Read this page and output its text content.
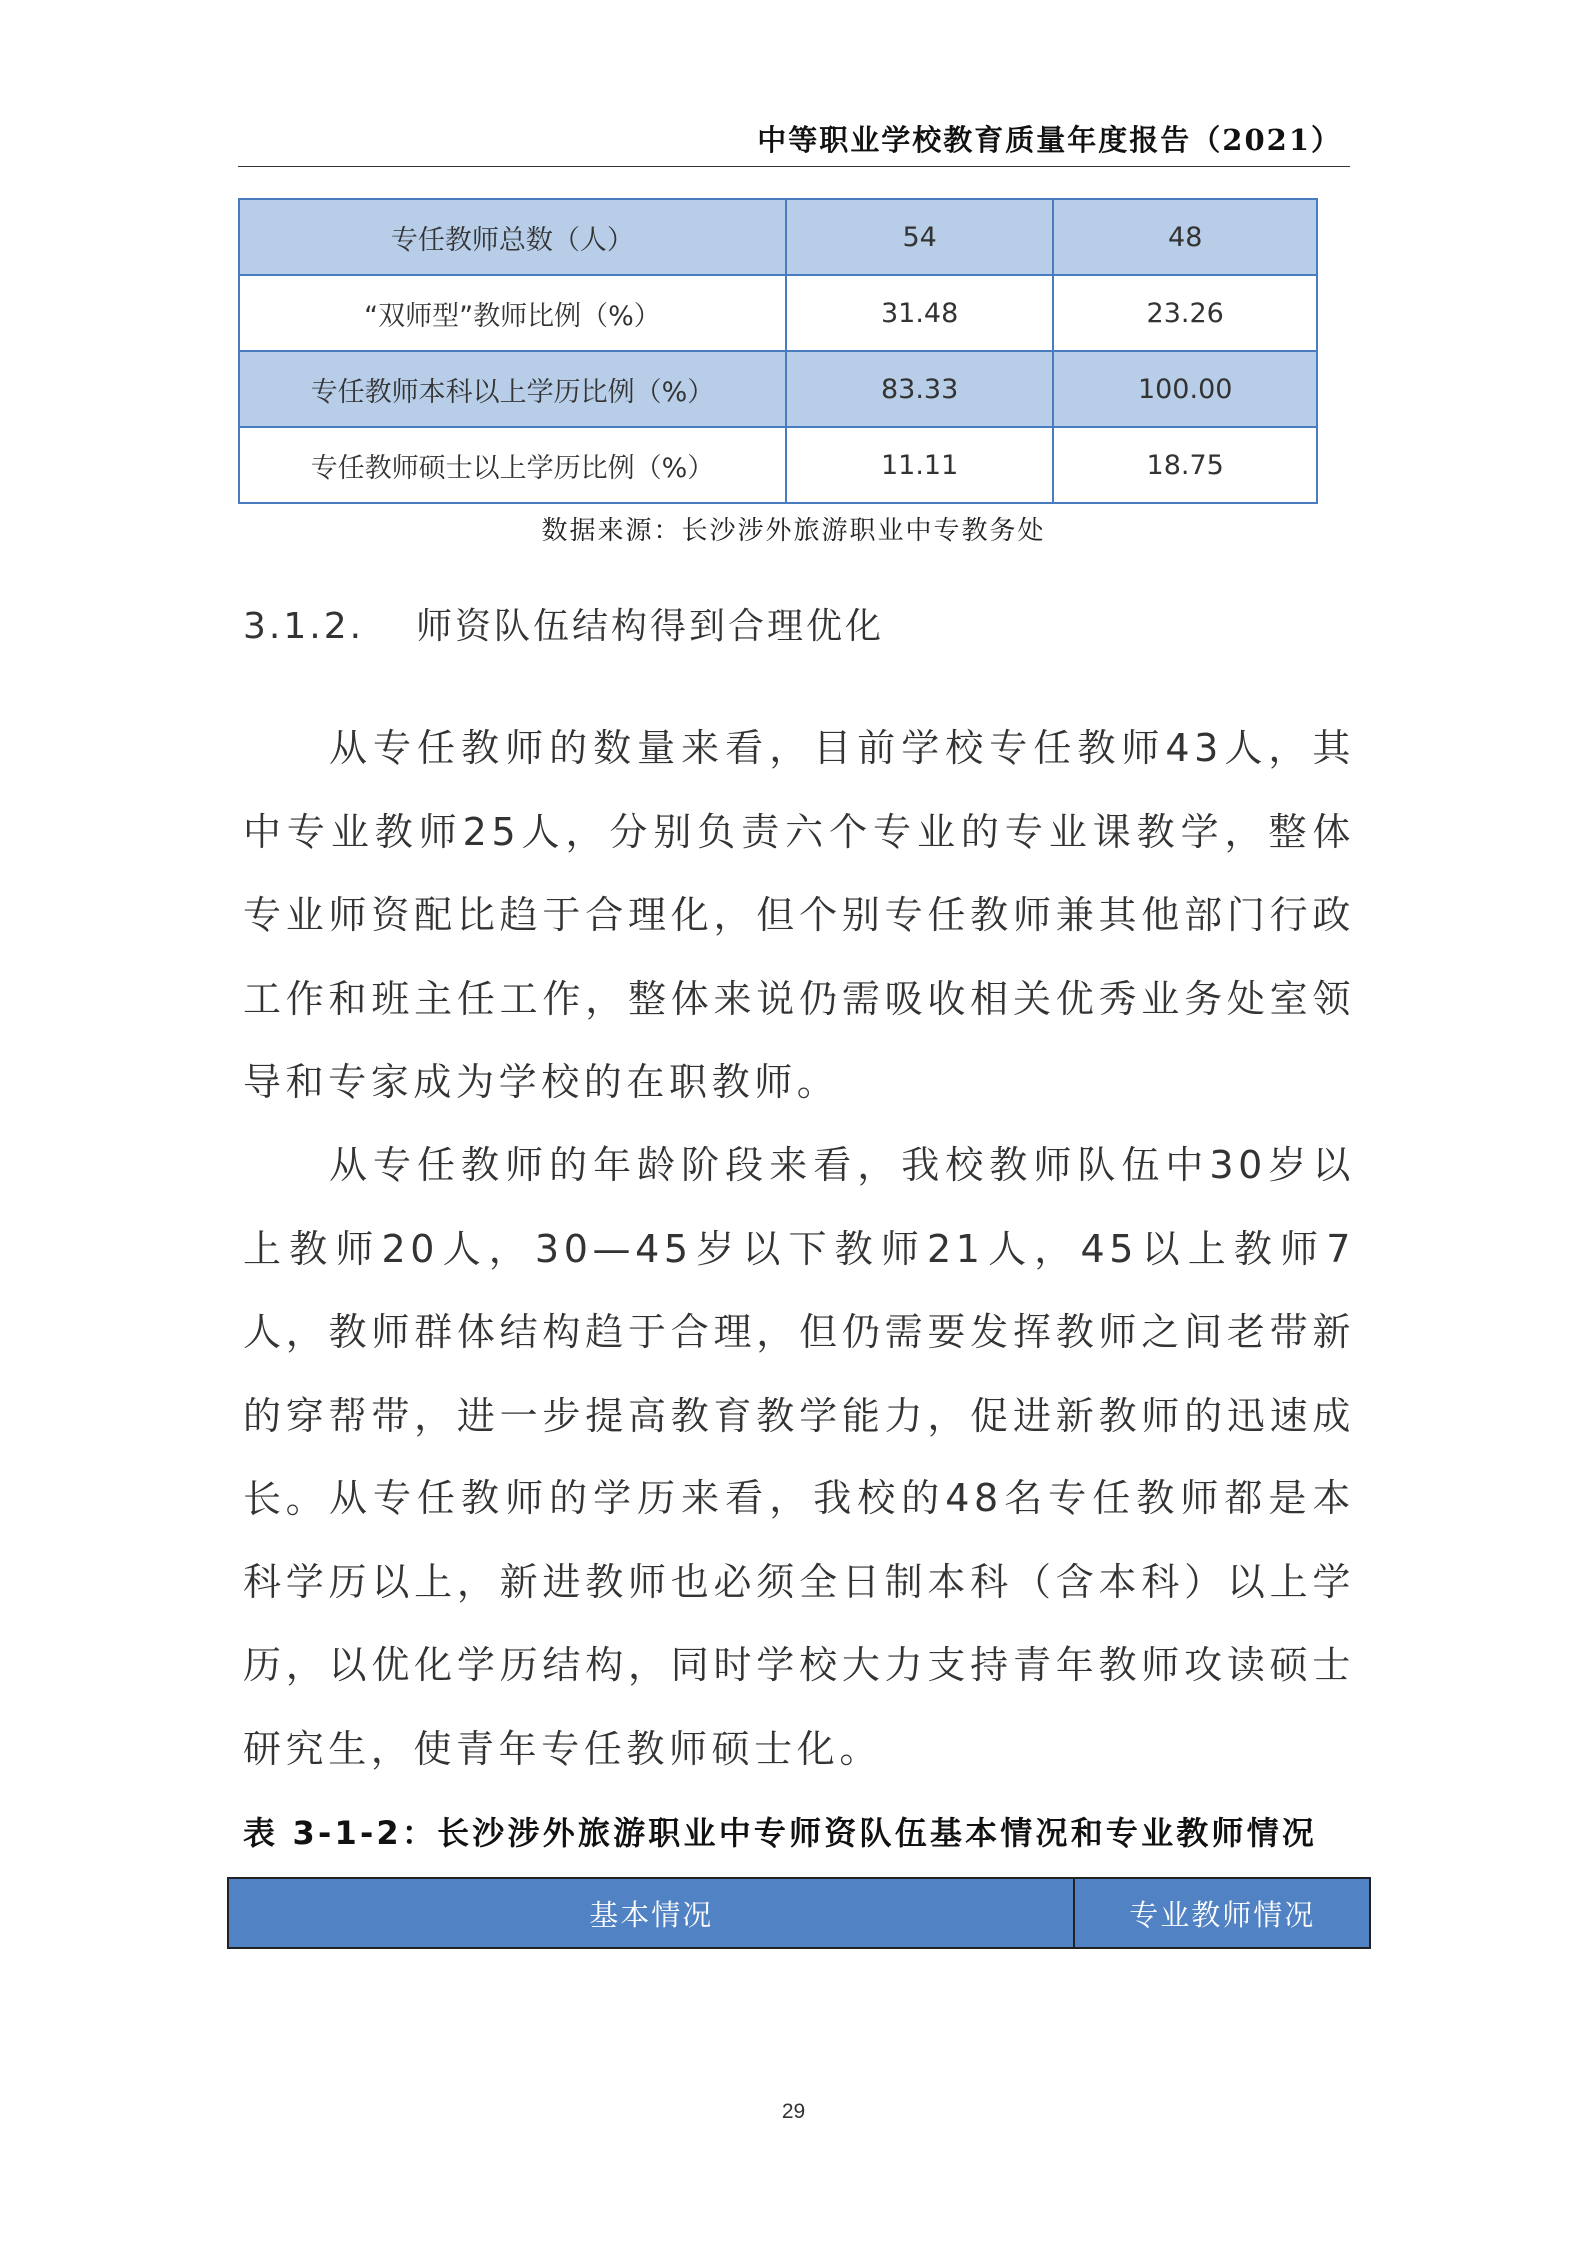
中等职业学校教育质量年度报告（2021）
专任教师总数（人）	54	48
“双师型”教师比例（%）	31.48	23.26
专任教师本科以上学历比例（%）	83.33	100.00
专任教师硕士以上学历比例（%）	11.11	18.75
数据来源：长沙涉外旅游职业中专教务处
3.1.2. 师资队伍结构得到合理优化

从专任教师的数量来看，目前学校专任教师43人，其中专业教师25人，分别负责六个专业的专业课教学，整体专业师资配比趋于合理化，但个别专任教师兼其他部门行政工作和班主任工作，整体来说仍需吸收相关优秀业务处室领导和专家成为学校的在职教师。

从专任教师的年龄阶段来看，我校教师队伍中30岁以上教师20人，30—45岁以下教师21人，45以上教师7人，教师群体结构趋于合理，但仍需要发挥教师之间老带新的穿帮带，进一步提高教育教学能力，促进新教师的迅速成长。 从专任教师的学历来看，我校的48名专任教师都是本科学历以上，新进教师也必须全日制本科（含本科）以上学历，以优化学历结构，同时学校大力支持青年教师攻读硕士研究生，使青年专任教师硕士化。

表 3-1-2：长沙涉外旅游职业中专师资队伍基本情况和专业教师情况
基本情况	专业教师情况
29
